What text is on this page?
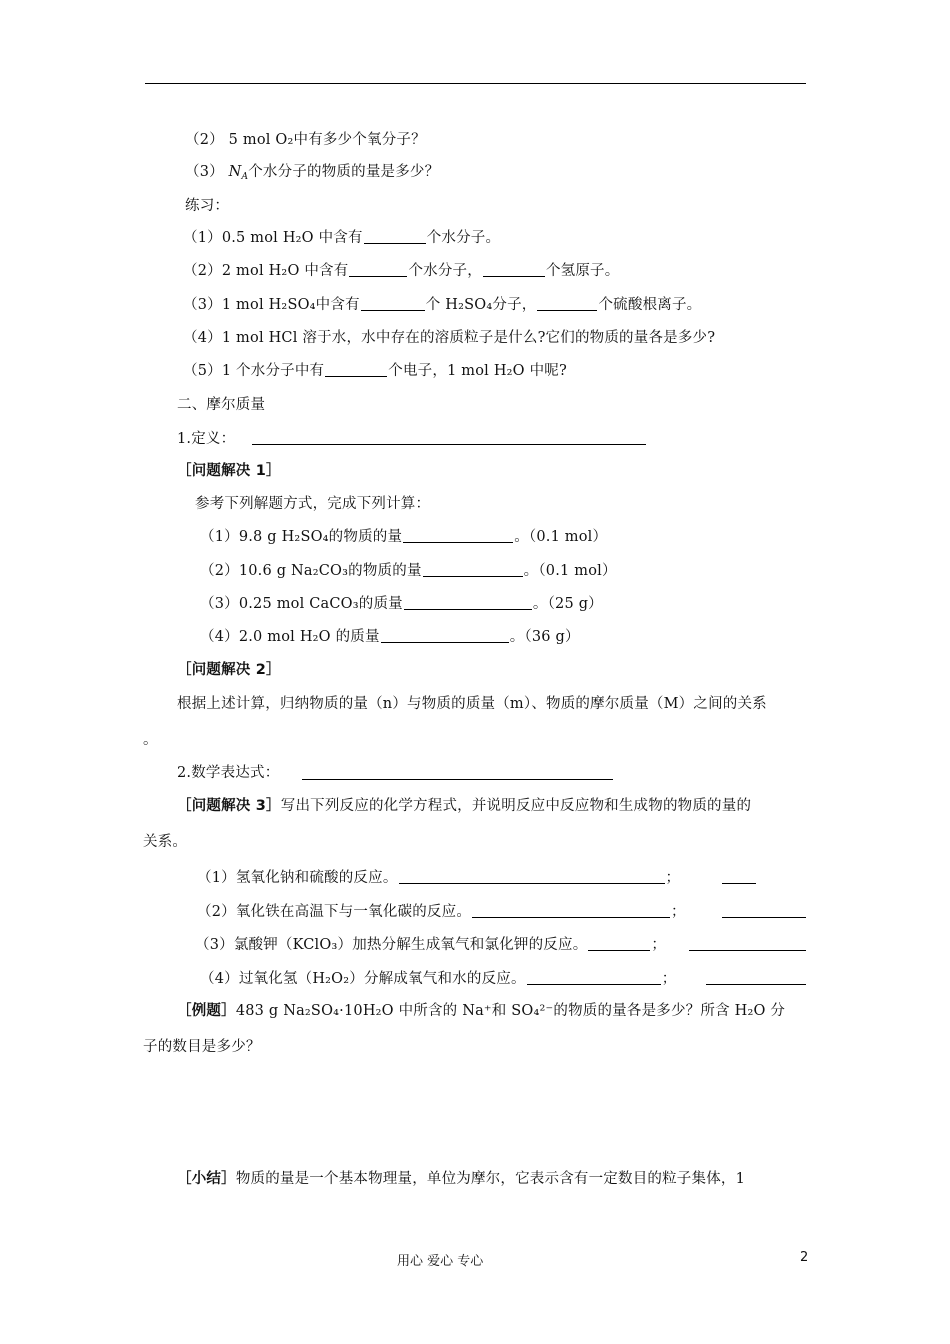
（2） 5 mol O₂中有多少个氧分子？
（3） $N_A$个水分子的物质的量是多少？
练习：
（1）0.5 mol H₂O 中含有	个水分子。
（2）2 mol H₂O 中含有	个水分子，	个氢原子。
（3）1 mol H₂SO₄中含有	个 H₂SO₄分子，	个硫酸根离子。
（4）1 mol HCl 溶于水，水中存在的溶质粒子是什么?它们的物质的量各是多少?
（5）1 个水分子中有	个电子，1 mol H₂O 中呢?
二、摩尔质量
1.定义：
［问题解决 1］
参考下列解题方式，完成下列计算：
（1）9.8 g H₂SO₄的物质的量	。（0.1 mol）
（2）10.6 g Na₂CO₃的物质的量	。（0.1 mol）
（3）0.25 mol CaCO₃的质量	。（25 g）
（4）2.0 mol H₂O 的质量	。（36 g）
［问题解决 2］
根据上述计算，归纳物质的量（n）与物质的质量（m）、物质的摩尔质量（M）之间的关系
。
2.数学表达式：
［问题解决 3］写出下列反应的化学方程式，并说明反应中反应物和生成物的物质的量的
关系。
（1）氢氧化钠和硫酸的反应。	；
（2）氧化铁在高温下与一氧化碳的反应。	；
（3）氯酸钾（KClO₃）加热分解生成氧气和氯化钾的反应。	；
（4）过氧化氢（H₂O₂）分解成氧气和水的反应。	；
［例题］483 g Na₂SO₄·10H₂O 中所含的 Na⁺和 SO₄²⁻的物质的量各是多少？所含 H₂O 分
子的数目是多少？
［小结］物质的量是一个基本物理量，单位为摩尔，它表示含有一定数目的粒子集体，1
用心 爱心 专心	2
